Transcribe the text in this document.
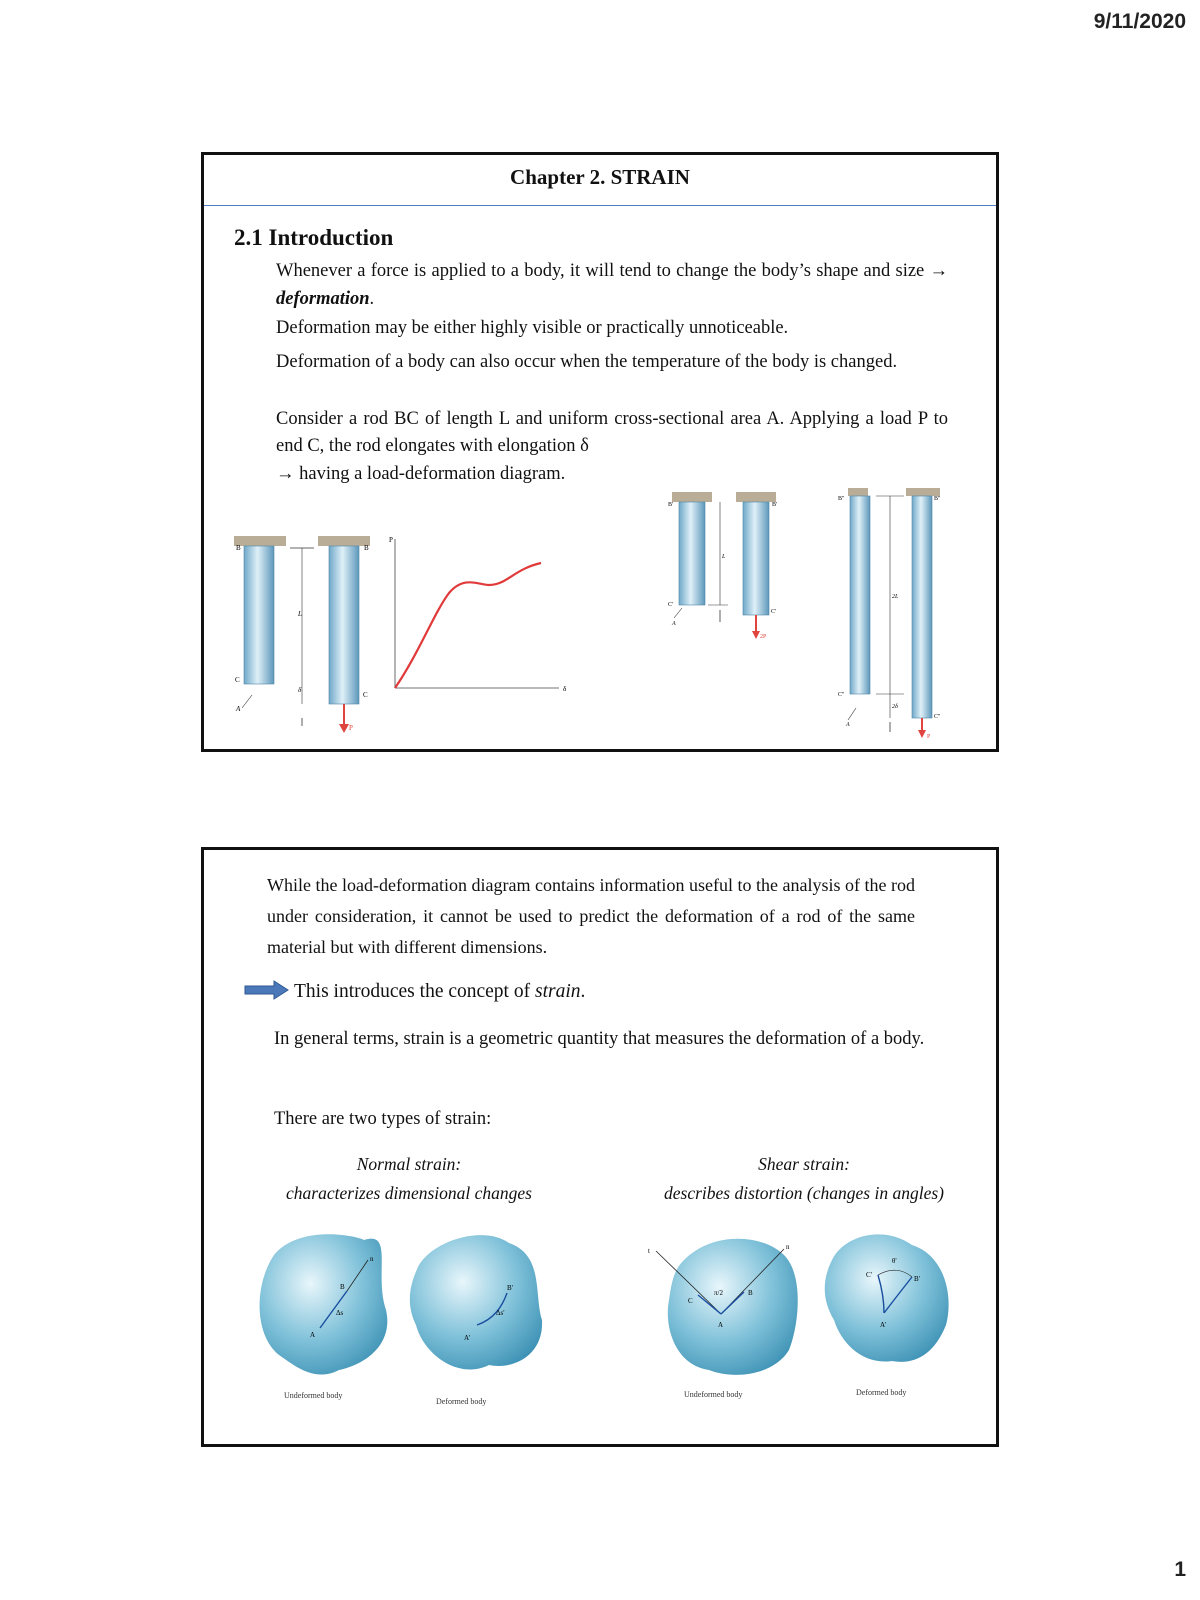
9/11/2020
Chapter 2. STRAIN
2.1 Introduction
Whenever a force is applied to a body, it will tend to change the body’s shape and size → deformation.
Deformation may be either highly visible or practically unnoticeable.
Deformation of a body can also occur when the temperature of the body is changed.
Consider a rod BC of length L and uniform cross-sectional area A. Applying a load P to end C, the rod elongates with elongation δ
→ having a load-deformation diagram.
B	B
C
C
A
L
δ
P
P
δ
B'	B'
C'
C'
L
A
2P
B''	B''
C''
C''
2L
2δ
A
P
While the load-deformation diagram contains information useful to the analysis of the rod under consideration, it cannot be used to predict the deformation of a rod of the same material but with different dimensions.
This introduces the concept of strain.
In general terms, strain is a geometric quantity that measures the deformation of a body.
There are two types of strain:
Normal strain:
characterizes dimensional changes
Shear strain:
describes distortion (changes in angles)
A
B
n
Δs
Undeformed body
A'
B'
Δs'
Deformed body
t	n
A
B
C
π/2
Undeformed body
C'	B'
A'
θ'
Deformed body
1
